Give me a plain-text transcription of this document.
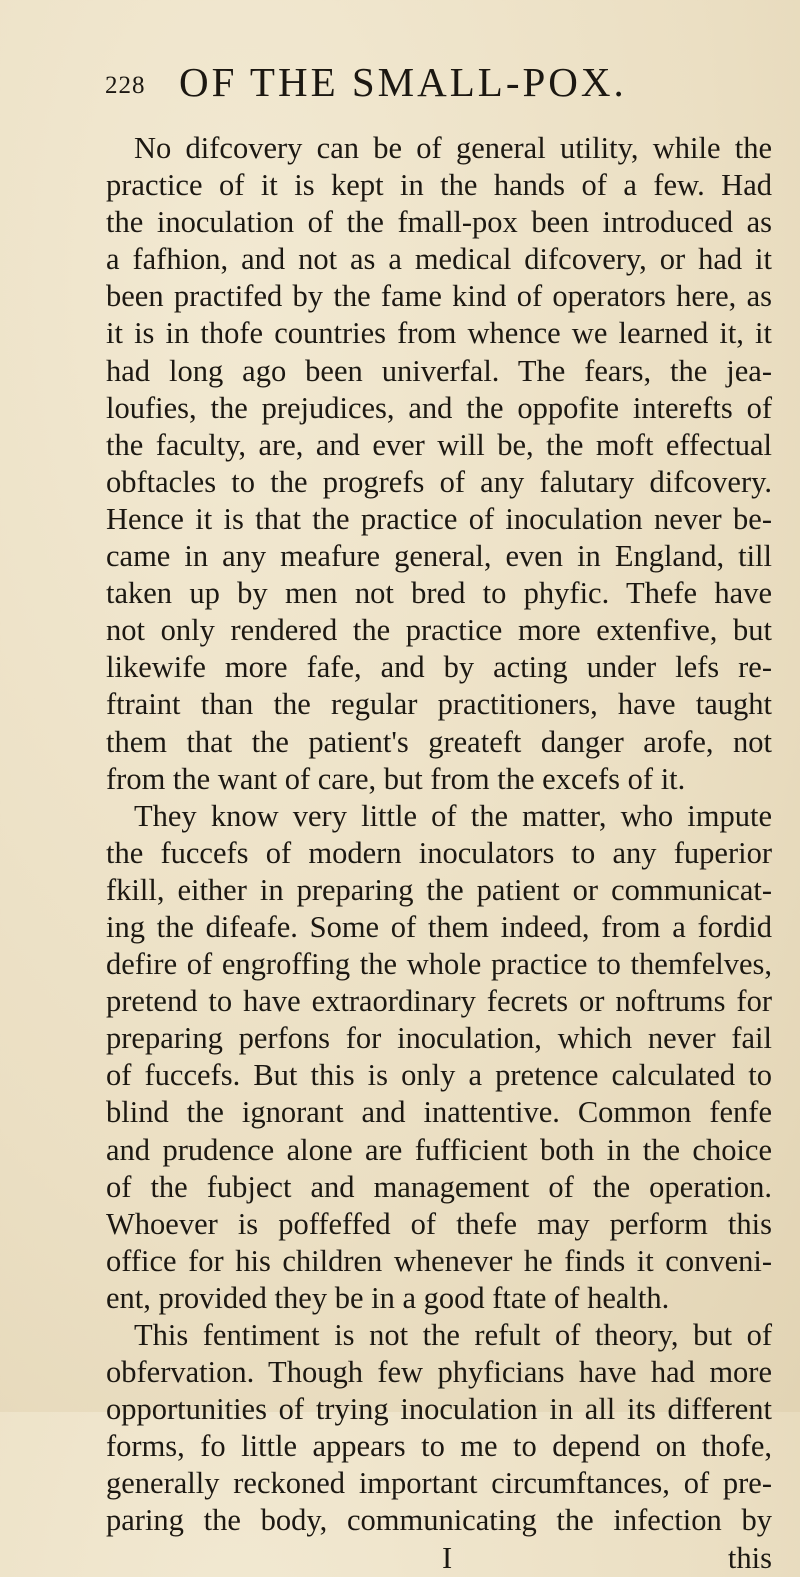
228 OF THE SMALL-POX.
No difcovery can be of general utility, while the
practice of it is kept in the hands of a few. Had
the inoculation of the fmall-pox been introduced as
a fafhion, and not as a medical difcovery, or had it
been practifed by the fame kind of operators here, as
it is in thofe countries from whence we learned it, it
had long ago been univerfal. The fears, the jea-
loufies, the prejudices, and the oppofite interefts of
the faculty, are, and ever will be, the moft effectual
obftacles to the progrefs of any falutary difcovery.
Hence it is that the practice of inoculation never be-
came in any meafure general, even in England, till
taken up by men not bred to phyfic. Thefe have
not only rendered the practice more extenfive, but
likewife more fafe, and by acting under lefs re-
ftraint than the regular practitioners, have taught
them that the patient's greateft danger arofe, not
from the want of care, but from the excefs of it.
They know very little of the matter, who impute
the fuccefs of modern inoculators to any fuperior
fkill, either in preparing the patient or communicat-
ing the difeafe. Some of them indeed, from a fordid
defire of engroffing the whole practice to themfelves,
pretend to have extraordinary fecrets or noftrums for
preparing perfons for inoculation, which never fail
of fuccefs. But this is only a pretence calculated to
blind the ignorant and inattentive. Common fenfe
and prudence alone are fufficient both in the choice
of the fubject and management of the operation.
Whoever is poffeffed of thefe may perform this
office for his children whenever he finds it conveni-
ent, provided they be in a good ftate of health.
This fentiment is not the refult of theory, but of
obfervation. Though few phyficians have had more
opportunities of trying inoculation in all its different
forms, fo little appears to me to depend on thofe,
generally reckoned important circumftances, of pre-
paring the body, communicating the infection by
I	this
